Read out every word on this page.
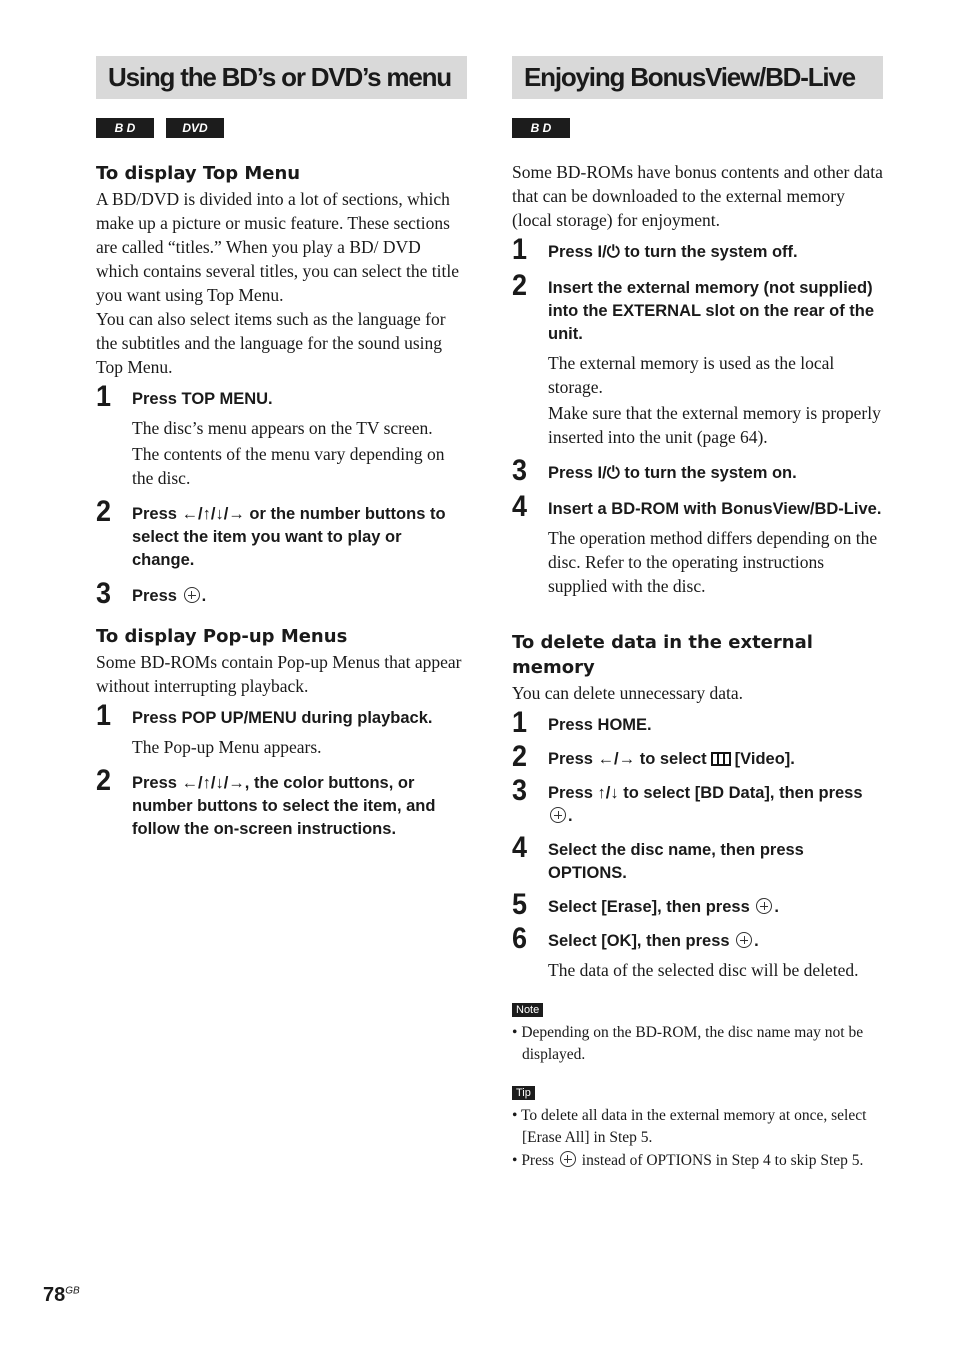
Using the BD’s or DVD’s menu
B D	DVD
To display Top Menu

A BD/DVD is divided into a lot of sections, which make up a picture or music feature. These sections are called “titles.” When you play a BD/ DVD which contains several titles, you can select the title you want using Top Menu.

You can also select items such as the language for the subtitles and the language for the sound using Top Menu.

1	Press TOP MENU.

The disc’s menu appears on the TV screen.

The contents of the menu vary depending on the disc.

2	Press ←/↑/↓/→ or the number buttons to select the item you want to play or change.

3	Press .

To display Pop-up Menus

Some BD-ROMs contain Pop-up Menus that appear without interrupting playback.

1	Press POP UP/MENU during playback.

The Pop-up Menu appears.

2	Press ←/↑/↓/→, the color buttons, or number buttons to select the item, and follow the on-screen instructions.

Enjoying BonusView/BD-Live
B D

Some BD-ROMs have bonus contents and other data that can be downloaded to the external memory (local storage) for enjoyment.

1	Press I/⏻ to turn the system off.

2	Insert the external memory (not supplied) into the EXTERNAL slot on the rear of the unit.

The external memory is used as the local storage.

Make sure that the external memory is properly inserted into the unit (page 64).

3	Press I/⏻ to turn the system on.

4	Insert a BD-ROM with BonusView/BD-Live.

The operation method differs depending on the disc. Refer to the operating instructions supplied with the disc.

To delete data in the external memory

You can delete unnecessary data.

1	Press HOME.

2	Press ←/→ to select [Video].

3	Press ↑/↓ to select [BD Data], then press .

4	Select the disc name, then press OPTIONS.

5	Select [Erase], then press .

6	Select [OK], then press .

The data of the selected disc will be deleted.

Note
• Depending on the BD-ROM, the disc name may not be displayed.
Tip
• To delete all data in the external memory at once, select [Erase All] in Step 5.
• Press instead of OPTIONS in Step 4 to skip Step 5.
$78^{GB}$
